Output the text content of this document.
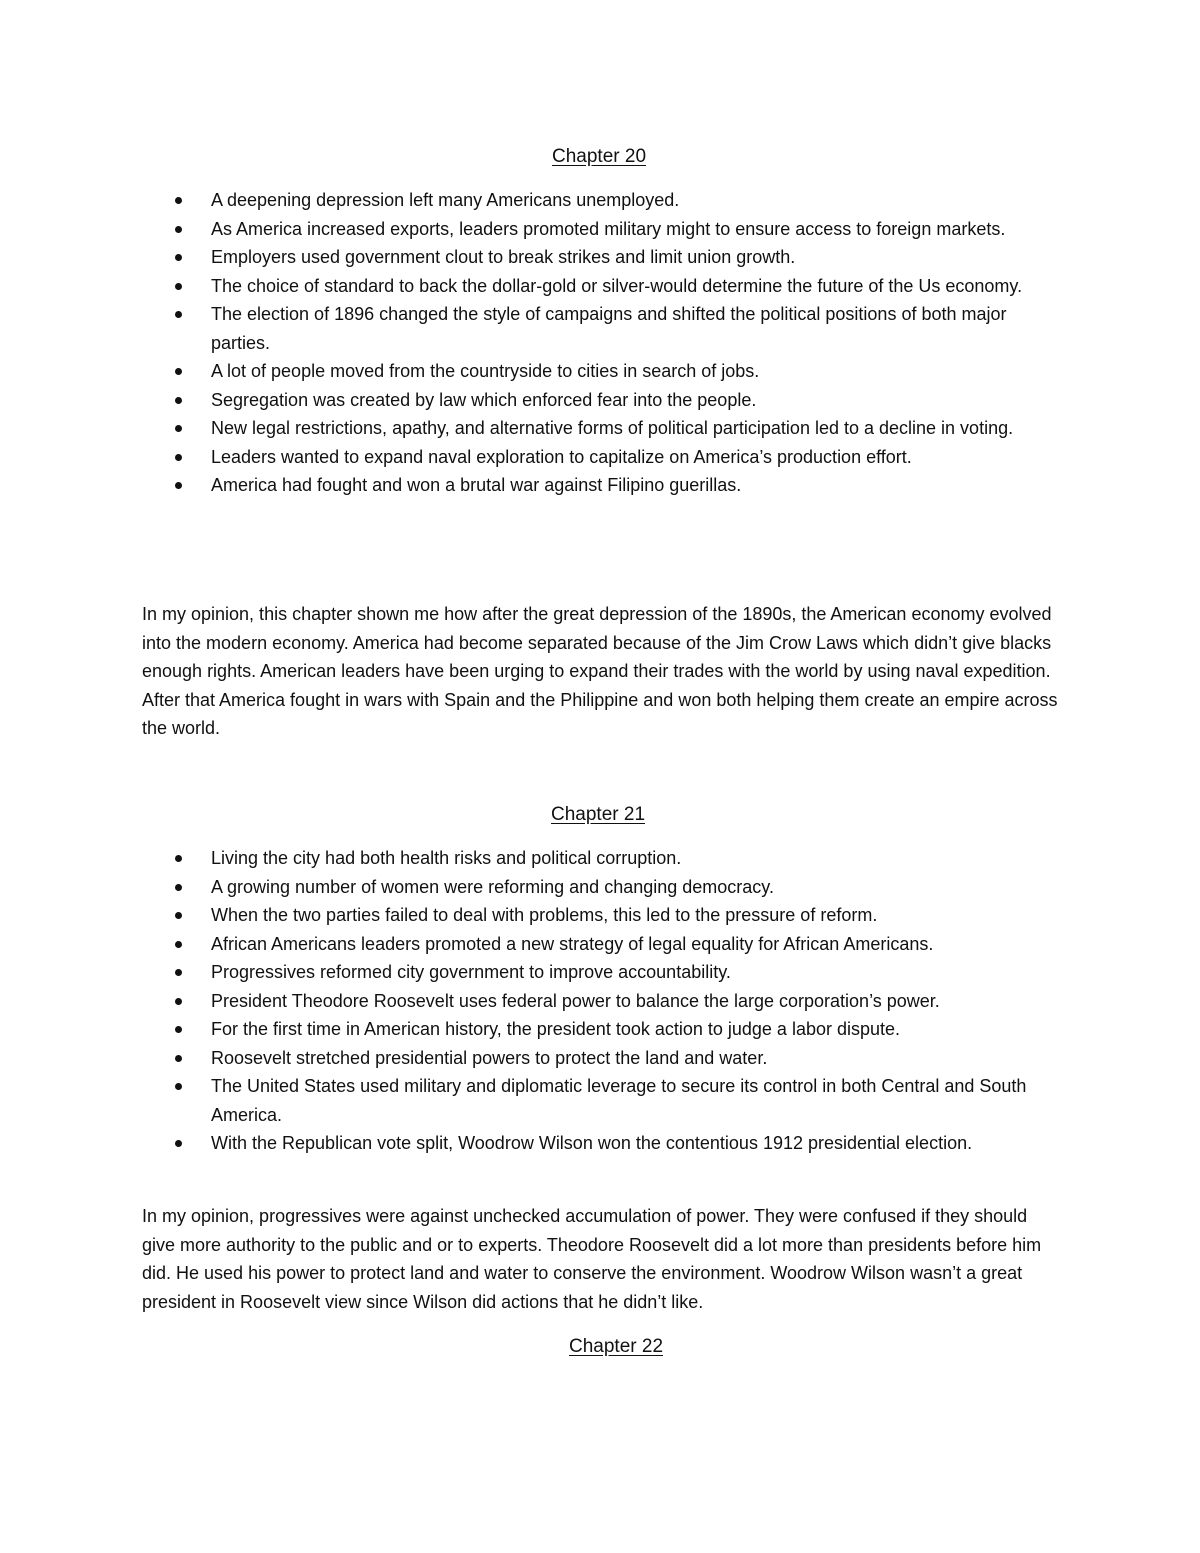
Chapter 20
A deepening depression left many Americans unemployed.
As America increased exports, leaders promoted military might to ensure access to foreign markets.
Employers used government clout to break strikes and limit union growth.
The choice of standard to back the dollar-gold or silver-would determine the future of the Us economy.
The election of 1896 changed the style of campaigns and shifted the political positions of both major parties.
A lot of people moved from the countryside to cities in search of jobs.
Segregation was created by law which enforced fear into the people.
New legal restrictions, apathy, and alternative forms of political participation led to a decline in voting.
Leaders wanted to expand naval exploration to capitalize on America’s production effort.
America had fought and won a brutal war against Filipino guerillas.

In my opinion, this chapter shown me how after the great depression of the 1890s, the American economy evolved into the modern economy. America had become separated because of the Jim Crow Laws which didn’t give blacks enough rights. American leaders have been urging to expand their trades with the world by using naval expedition. After that America fought in wars with Spain and the Philippine and won both helping them create an empire across the world.

Chapter 21
Living the city had both health risks and political corruption.
A growing number of women were reforming and changing democracy.
When the two parties failed to deal with problems, this led to the pressure of reform.
African Americans leaders promoted a new strategy of legal equality for African Americans.
Progressives reformed city government to improve accountability.
President Theodore Roosevelt uses federal power to balance the large corporation’s power.
For the first time in American history, the president took action to judge a labor dispute.
Roosevelt stretched presidential powers to protect the land and water.
The United States used military and diplomatic leverage to secure its control in both Central and South America.
With the Republican vote split, Woodrow Wilson won the contentious 1912 presidential election.

In my opinion, progressives were against unchecked accumulation of power. They were confused if they should give more authority to the public and or to experts. Theodore Roosevelt did a lot more than presidents before him did. He used his power to protect land and water to conserve the environment. Woodrow Wilson wasn’t a great president in Roosevelt view since Wilson did actions that he didn’t like.

Chapter 22
